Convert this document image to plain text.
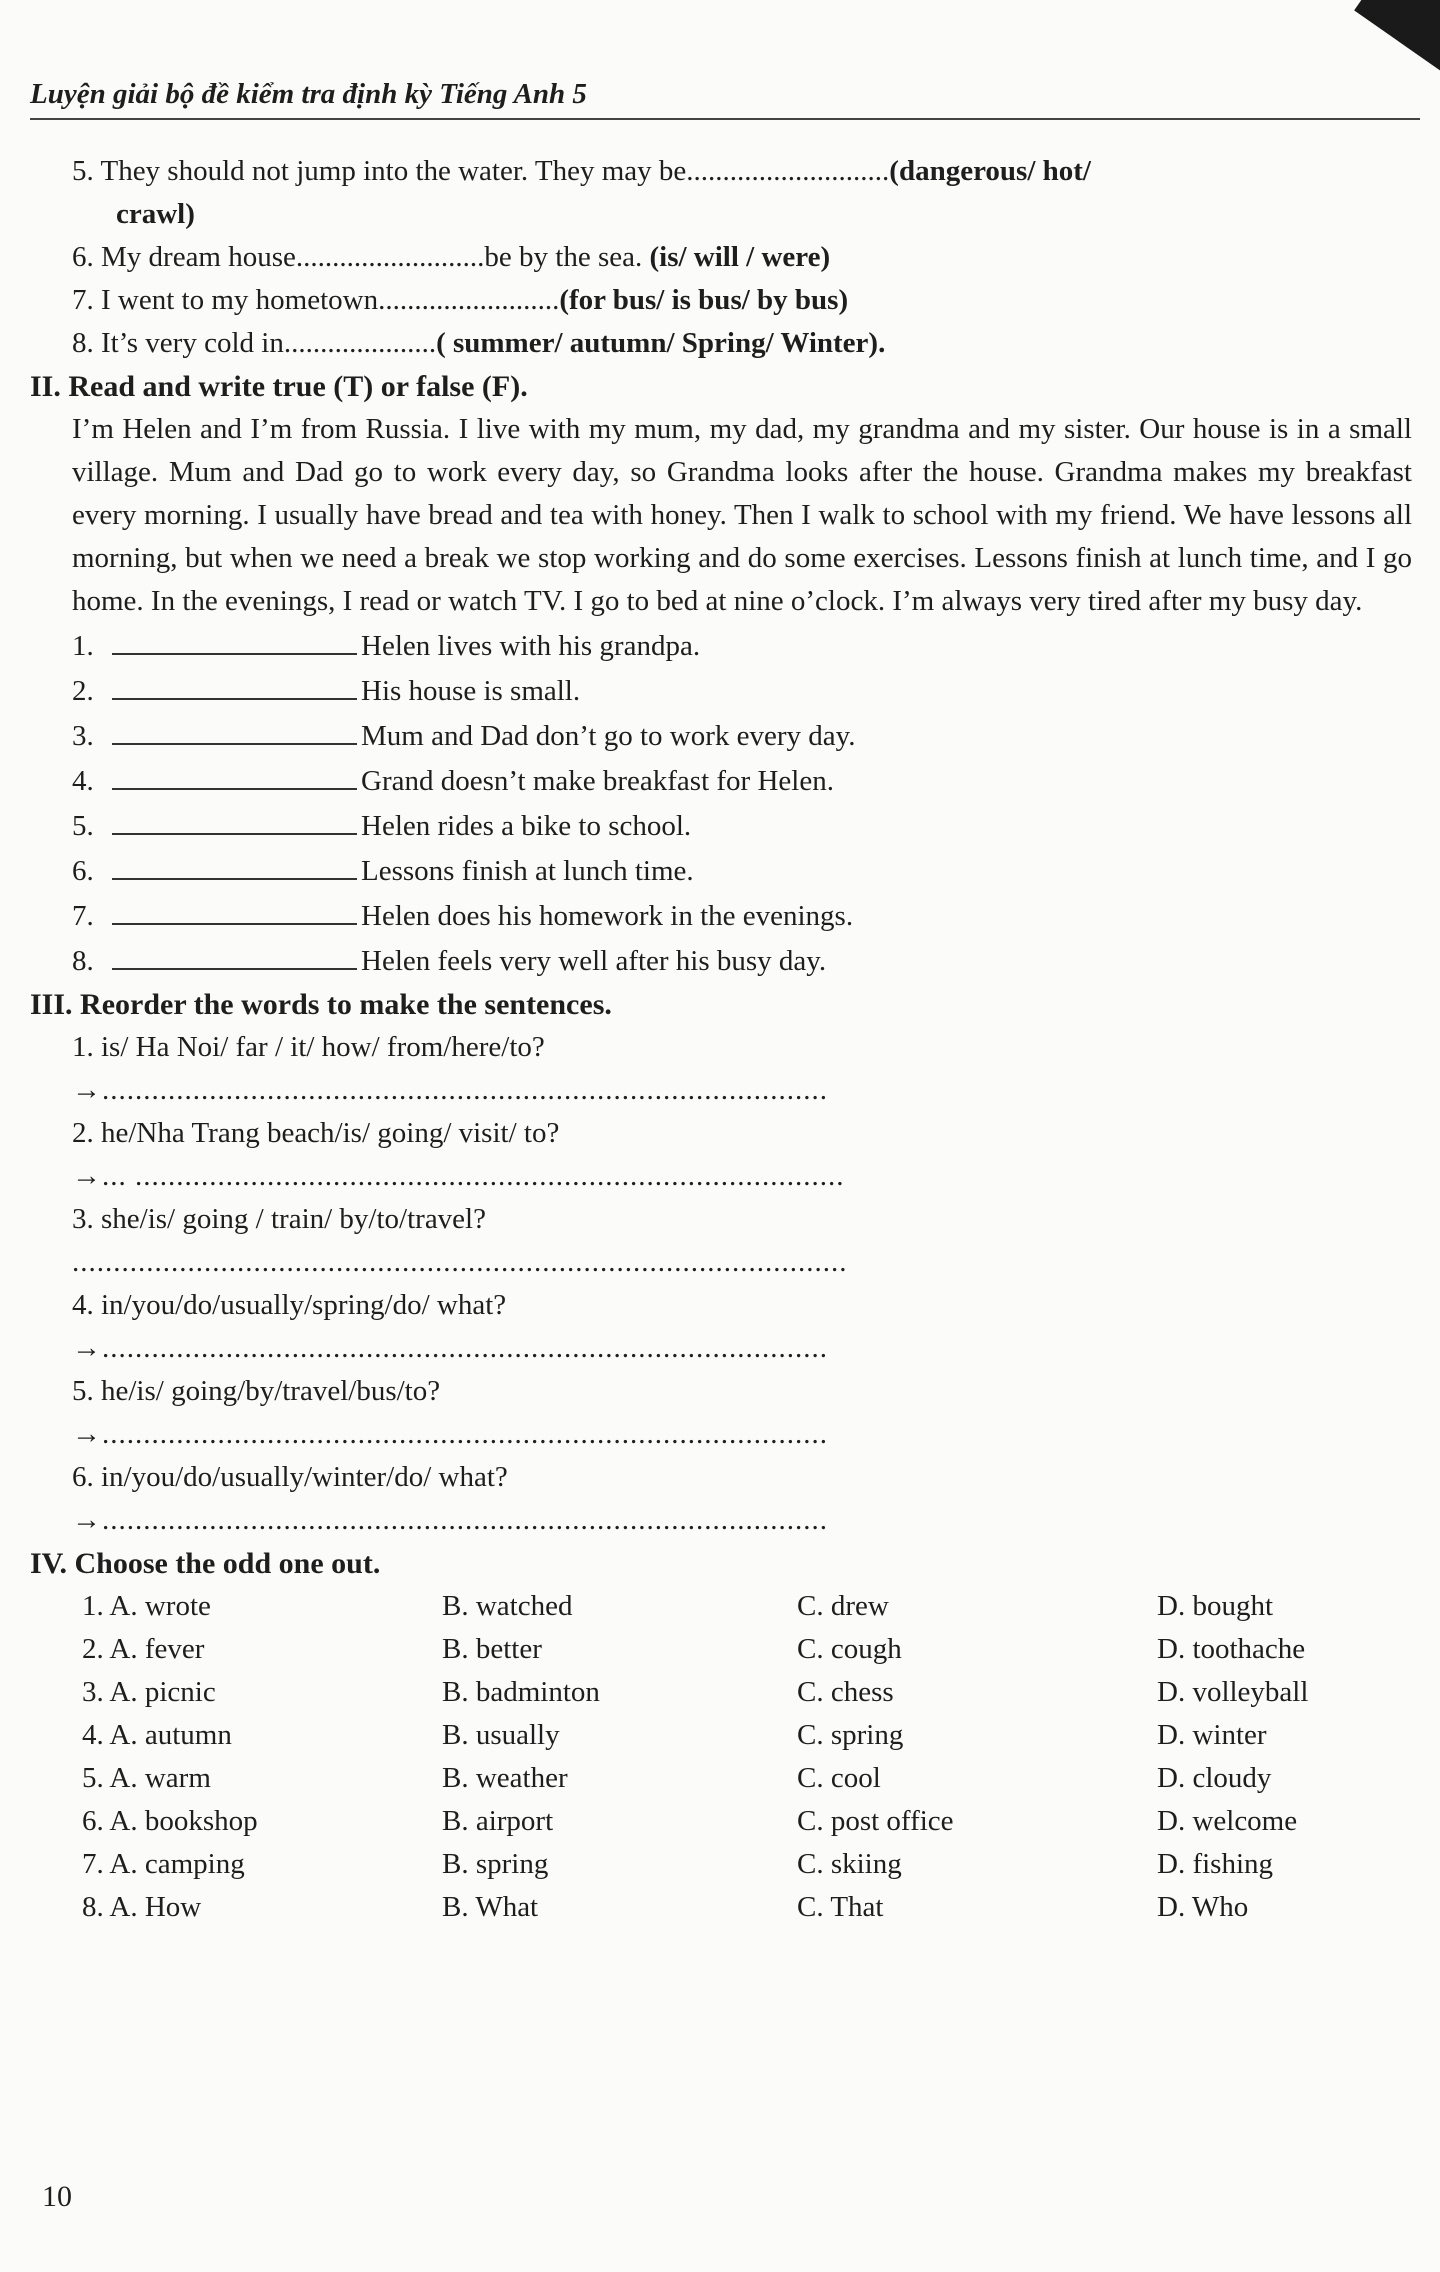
Luyện giải bộ đề kiểm tra định kỳ Tiếng Anh 5
5. They should not jump into the water. They may be............................(dangerous/ hot/
crawl)
6. My dream house..........................be by the sea. (is/ will / were)
7. I went to my hometown.........................(for bus/ is bus/ by bus)
8. It’s very cold in.....................( summer/ autumn/ Spring/ Winter).
II. Read and write true (T) or false (F).
I’m Helen and I’m from Russia. I live with my mum, my dad, my grandma and my sister. Our house is in a small village. Mum and Dad go to work every day, so Grandma looks after the house. Grandma makes my breakfast every morning. I usually have bread and tea with honey. Then I walk to school with my friend. We have lessons all morning, but when we need a break we stop working and do some exercises. Lessons finish at lunch time, and I go home. In the evenings, I read or watch TV. I go to bed at nine o’clock. I’m always very tired after my busy day.
1.	Helen lives with his grandpa.
2.	His house is small.
3.	Mum and Dad don’t go to work every day.
4.	Grand doesn’t make breakfast for Helen.
5.	Helen rides a bike to school.
6.	Lessons finish at lunch time.
7.	Helen does his homework in the evenings.
8.	Helen feels very well after his busy day.
III. Reorder the words to make the sentences.
1. is/ Ha Noi/ far / it/ how/ from/here/to?
→........................................................................................
2. he/Nha Trang beach/is/ going/ visit/ to?
→... ......................................................................................
3. she/is/ going / train/ by/to/travel?
..............................................................................................
4. in/you/do/usually/spring/do/ what?
→........................................................................................
5. he/is/ going/by/travel/bus/to?
→........................................................................................
6. in/you/do/usually/winter/do/ what?
→........................................................................................
IV. Choose the odd one out.
1. A. wrote	B. watched	C. drew	D. bought
2. A. fever	B. better	C. cough	D. toothache
3. A. picnic	B. badminton	C. chess	D. volleyball
4. A. autumn	B. usually	C. spring	D. winter
5. A. warm	B. weather	C. cool	D. cloudy
6. A. bookshop	B. airport	C. post office	D. welcome
7. A. camping	B. spring	C. skiing	D. fishing
8. A. How	B. What	C. That	D. Who
10
